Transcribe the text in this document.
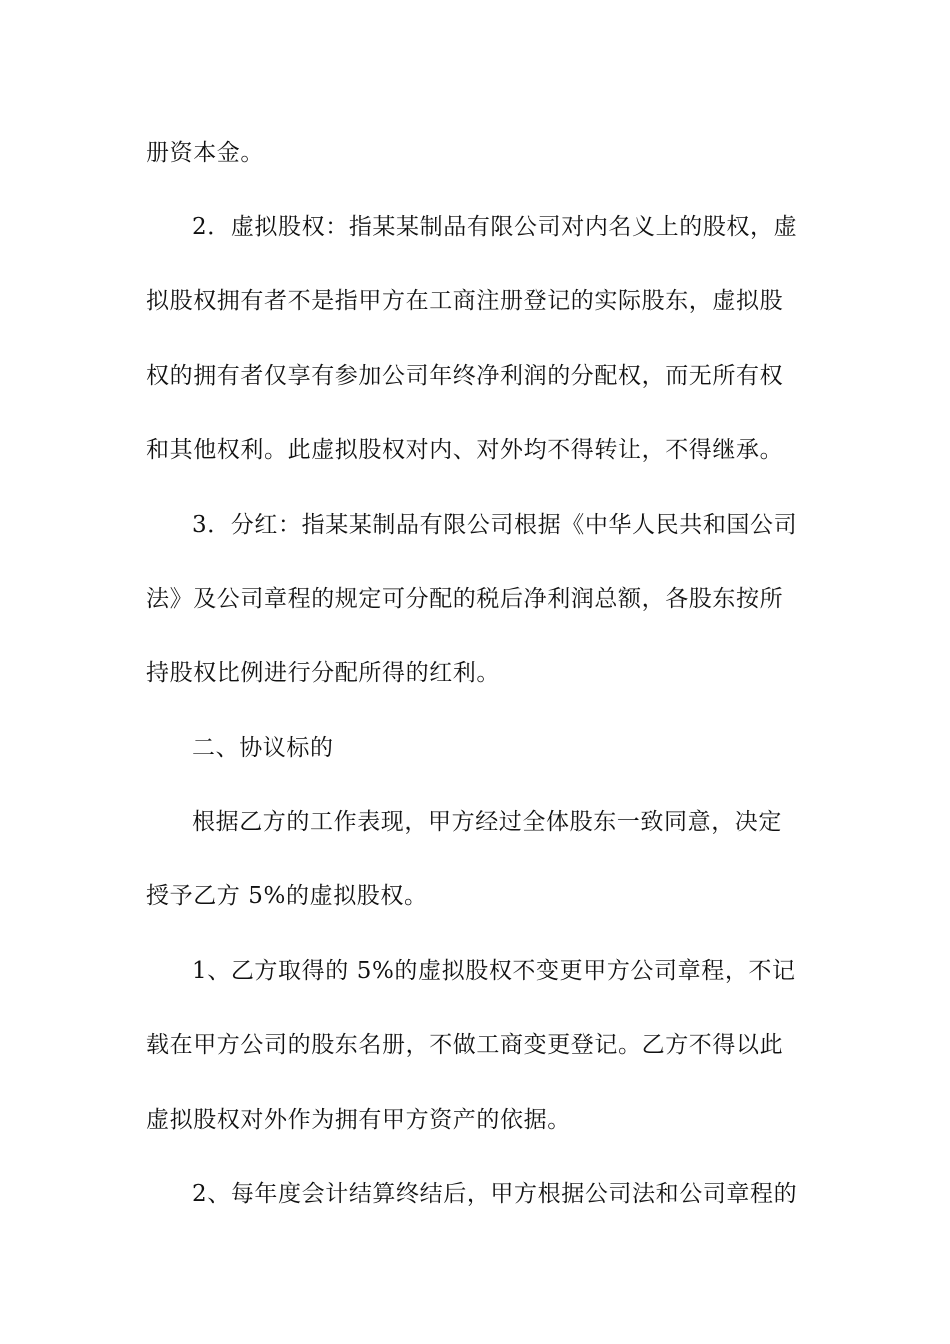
册资本金。
2．虚拟股权：指某某制品有限公司对内名义上的股权，虚
拟股权拥有者不是指甲方在工商注册登记的实际股东，虚拟股
权的拥有者仅享有参加公司年终净利润的分配权，而无所有权
和其他权利。此虚拟股权对内、对外均不得转让，不得继承。
3．分红：指某某制品有限公司根据《中华人民共和国公司
法》及公司章程的规定可分配的税后净利润总额，各股东按所
持股权比例进行分配所得的红利。
二、协议标的
根据乙方的工作表现，甲方经过全体股东一致同意，决定
授予乙方 5%的虚拟股权。
1、乙方取得的 5%的虚拟股权不变更甲方公司章程，不记
载在甲方公司的股东名册，不做工商变更登记。乙方不得以此
虚拟股权对外作为拥有甲方资产的依据。
2、每年度会计结算终结后，甲方根据公司法和公司章程的
